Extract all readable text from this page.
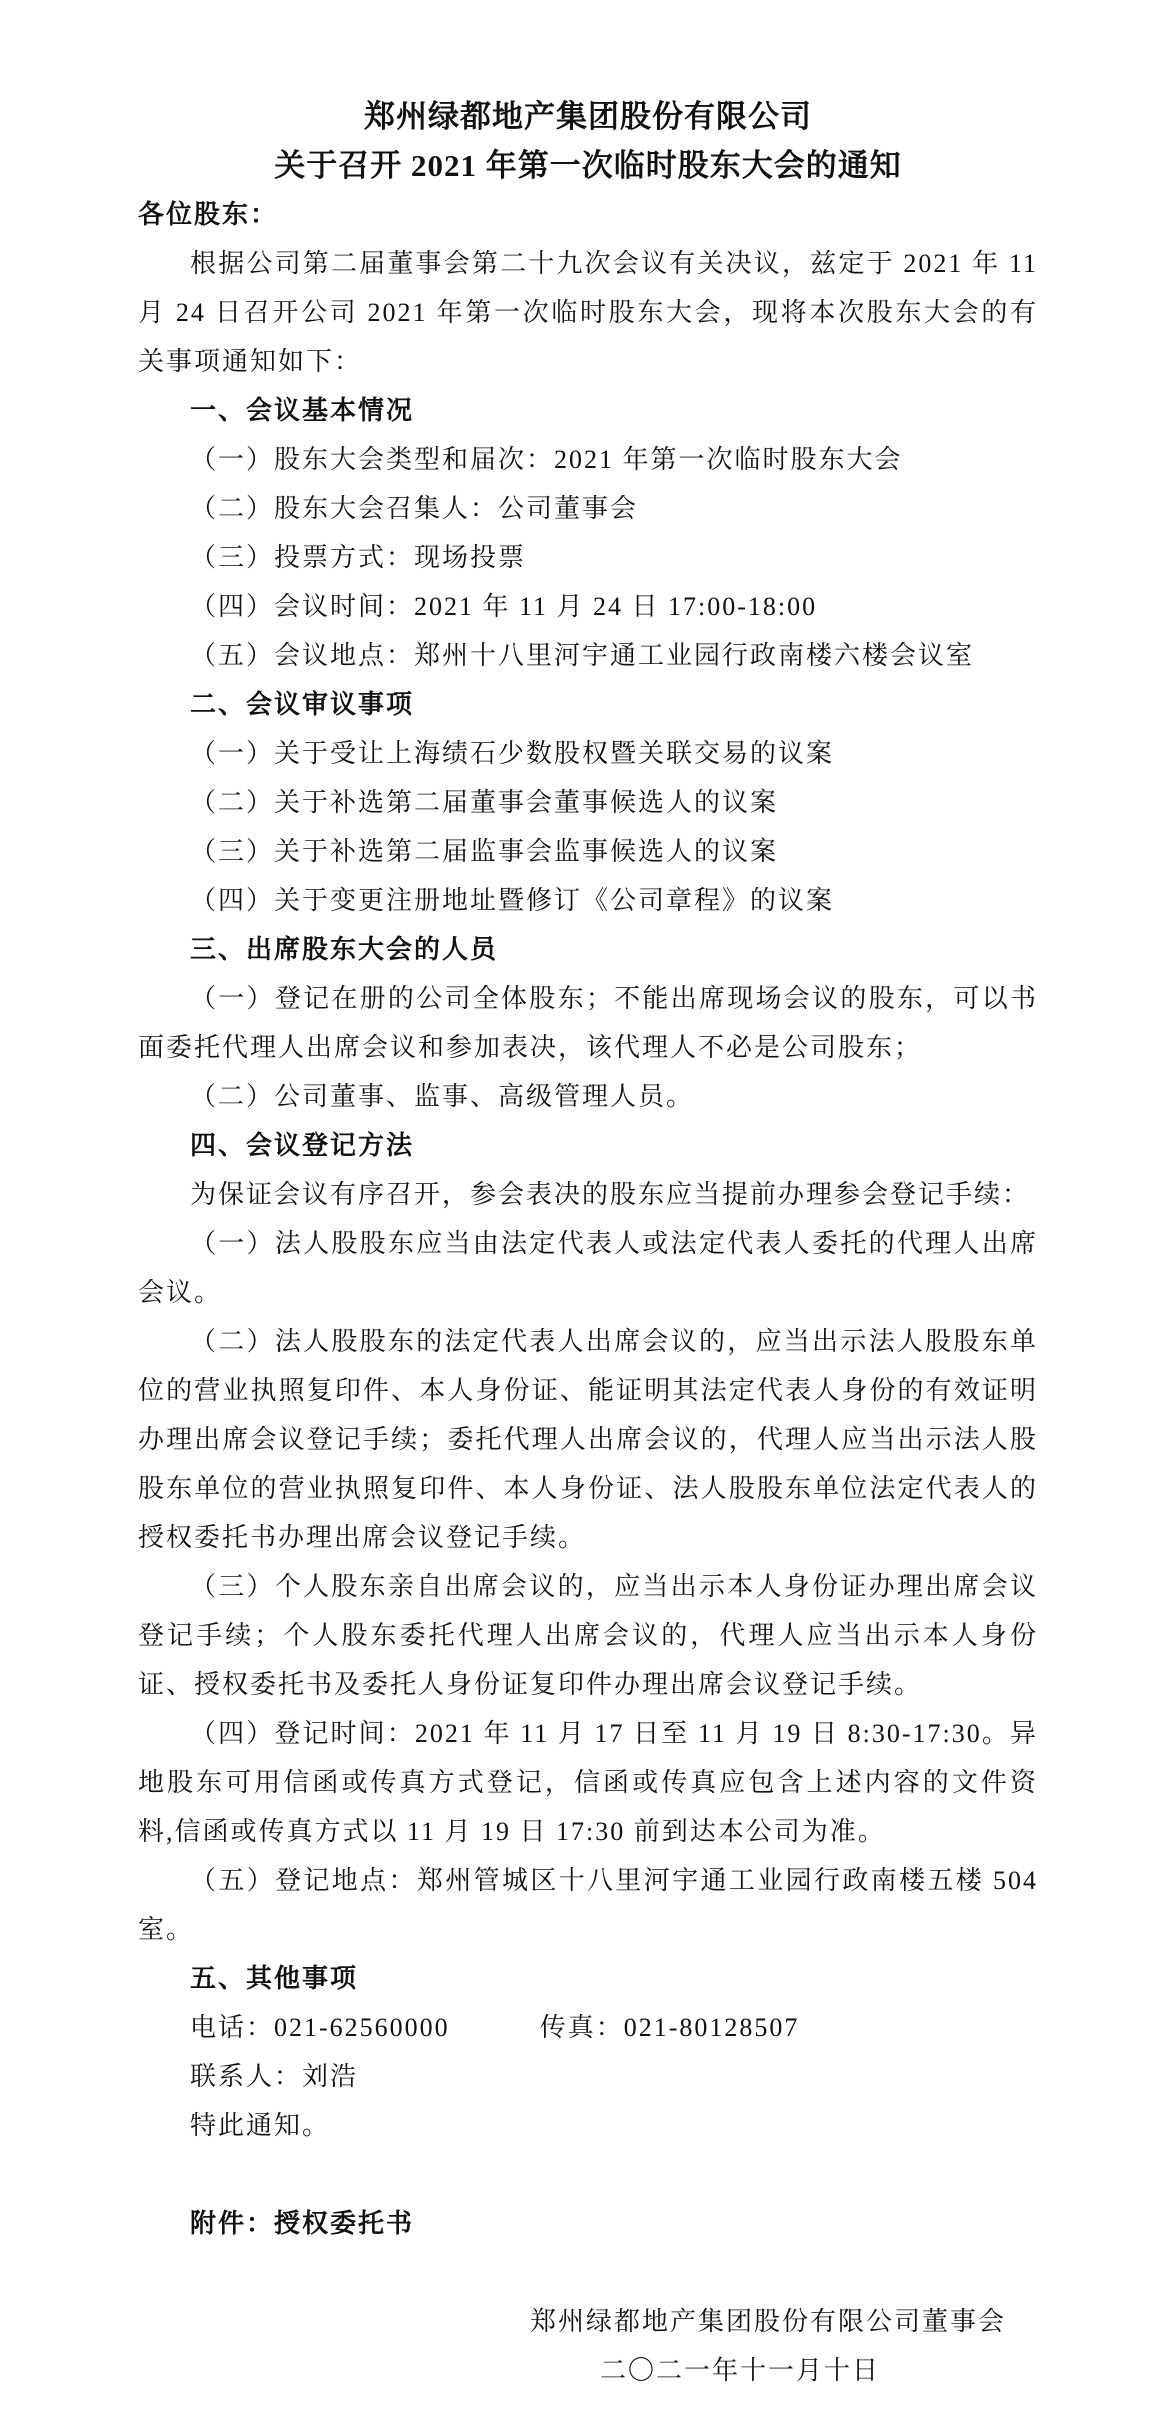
郑州绿都地产集团股份有限公司

关于召开 2021 年第一次临时股东大会的通知

各位股东：

根据公司第二届董事会第二十九次会议有关决议，兹定于 2021 年 11 月 24 日召开公司 2021 年第一次临时股东大会，现将本次股东大会的有关事项通知如下：

一、会议基本情况

（一）股东大会类型和届次：2021 年第一次临时股东大会

（二）股东大会召集人：公司董事会

（三）投票方式：现场投票

（四）会议时间：2021 年 11 月 24 日 17:00-18:00

（五）会议地点：郑州十八里河宇通工业园行政南楼六楼会议室

二、会议审议事项

（一）关于受让上海绩石少数股权暨关联交易的议案

（二）关于补选第二届董事会董事候选人的议案

（三）关于补选第二届监事会监事候选人的议案

（四）关于变更注册地址暨修订《公司章程》的议案

三、出席股东大会的人员

（一）登记在册的公司全体股东；不能出席现场会议的股东，可以书面委托代理人出席会议和参加表决，该代理人不必是公司股东；

（二）公司董事、监事、高级管理人员。

四、会议登记方法

为保证会议有序召开，参会表决的股东应当提前办理参会登记手续：

（一）法人股股东应当由法定代表人或法定代表人委托的代理人出席会议。

（二）法人股股东的法定代表人出席会议的，应当出示法人股股东单位的营业执照复印件、本人身份证、能证明其法定代表人身份的有效证明办理出席会议登记手续；委托代理人出席会议的，代理人应当出示法人股股东单位的营业执照复印件、本人身份证、法人股股东单位法定代表人的授权委托书办理出席会议登记手续。

（三）个人股东亲自出席会议的，应当出示本人身份证办理出席会议登记手续；个人股东委托代理人出席会议的，代理人应当出示本人身份证、授权委托书及委托人身份证复印件办理出席会议登记手续。

（四）登记时间：2021 年 11 月 17 日至 11 月 19 日 8:30-17:30。异地股东可用信函或传真方式登记，信函或传真应包含上述内容的文件资料,信函或传真方式以 11 月 19 日 17:30 前到达本公司为准。

（五）登记地点：郑州管城区十八里河宇通工业园行政南楼五楼 504 室。

五、其他事项

电话：021-62560000	传真：021-80128507

联系人：刘浩

特此通知。

附件：授权委托书

郑州绿都地产集团股份有限公司董事会

二〇二一年十一月十日
